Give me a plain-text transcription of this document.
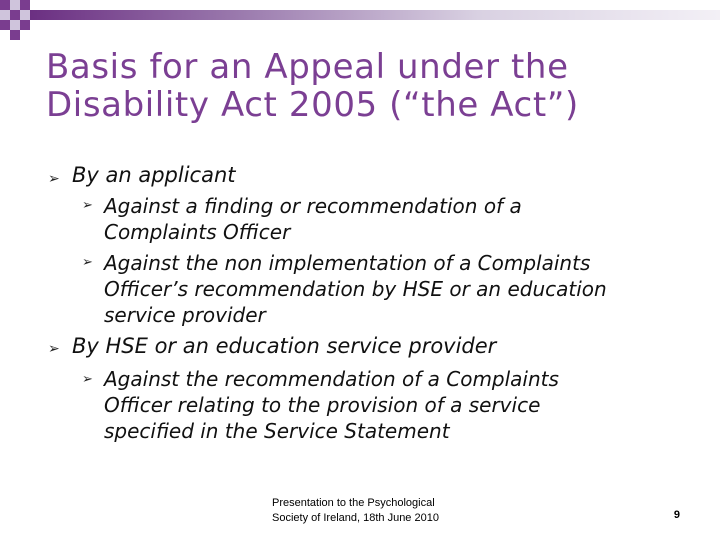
Basis for an Appeal under the
Disability Act 2005 (“the Act”)
➢ By an applicant
➢ Against a finding or recommendation of a
Complaints Officer
➢ Against the non implementation of a Complaints
Officer’s recommendation by HSE or an education
service provider
➢ By HSE or an education service provider
➢ Against the recommendation of a Complaints
Officer relating to the provision of a service
specified in the Service Statement
Presentation to the Psychological
Society of Ireland, 18th June 2010	9
